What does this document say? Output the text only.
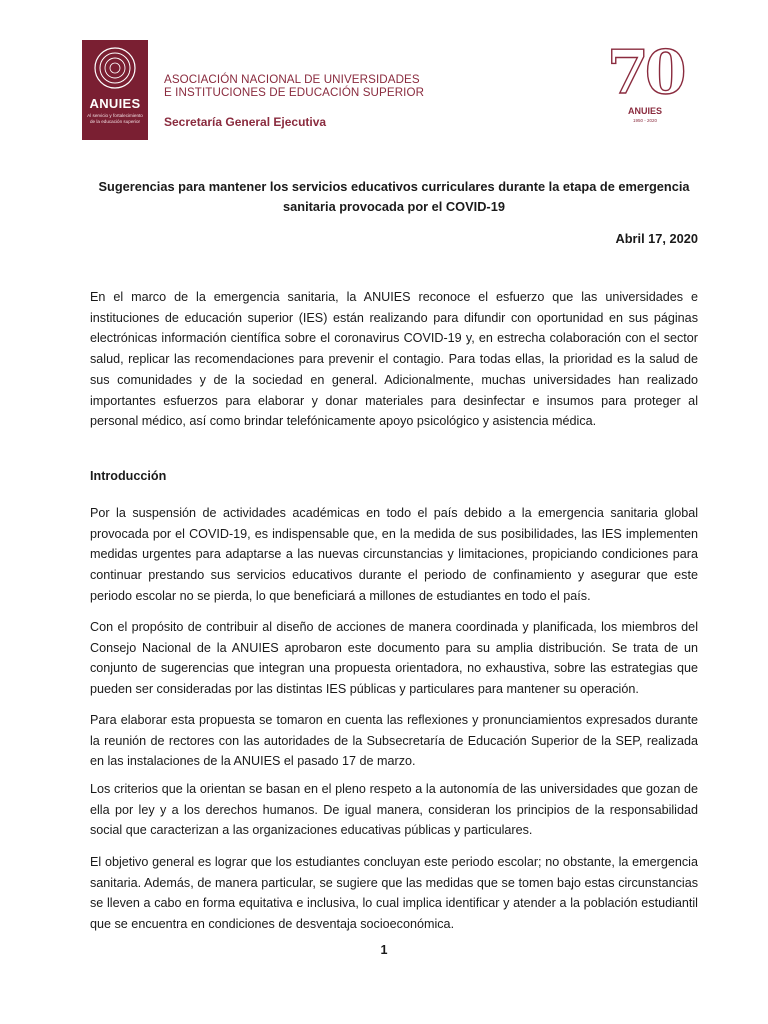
ANUIES
Al servicio y fortalecimiento de la educación superior
ASOCIACIÓN NACIONAL DE UNIVERSIDADES
E INSTITUCIONES DE EDUCACIÓN SUPERIOR
Secretaría General Ejecutiva
70
ANUIES
1950 - 2020
Sugerencias para mantener los servicios educativos curriculares durante la etapa de emergencia sanitaria provocada por el COVID-19
Abril 17, 2020

En el marco de la emergencia sanitaria, la ANUIES reconoce el esfuerzo que las universidades e instituciones de educación superior (IES) están realizando para difundir con oportunidad en sus páginas electrónicas información científica sobre el coronavirus COVID-19 y, en estrecha colaboración con el sector salud, replicar las recomendaciones para prevenir el contagio. Para todas ellas, la prioridad es la salud de sus comunidades y de la sociedad en general. Adicionalmente, muchas universidades han realizado importantes esfuerzos para elaborar y donar materiales para desinfectar e insumos para proteger al personal médico, así como brindar telefónicamente apoyo psicológico y asistencia médica.

Introducción

Por la suspensión de actividades académicas en todo el país debido a la emergencia sanitaria global provocada por el COVID-19, es indispensable que, en la medida de sus posibilidades, las IES implementen medidas urgentes para adaptarse a las nuevas circunstancias y limitaciones, propiciando condiciones para continuar prestando sus servicios educativos durante el periodo de confinamiento y asegurar que este periodo escolar no se pierda, lo que beneficiará a millones de estudiantes en todo el país.

Con el propósito de contribuir al diseño de acciones de manera coordinada y planificada, los miembros del Consejo Nacional de la ANUIES aprobaron este documento para su amplia distribución. Se trata de un conjunto de sugerencias que integran una propuesta orientadora, no exhaustiva, sobre las estrategias que pueden ser consideradas por las distintas IES públicas y particulares para mantener su operación.

Para elaborar esta propuesta se tomaron en cuenta las reflexiones y pronunciamientos expresados durante la reunión de rectores con las autoridades de la Subsecretaría de Educación Superior de la SEP, realizada en las instalaciones de la ANUIES el pasado 17 de marzo.

Los criterios que la orientan se basan en el pleno respeto a la autonomía de las universidades que gozan de ella por ley y a los derechos humanos. De igual manera, consideran los principios de la responsabilidad social que caracterizan a las organizaciones educativas públicas y particulares.

El objetivo general es lograr que los estudiantes concluyan este periodo escolar; no obstante, la emergencia sanitaria. Además, de manera particular, se sugiere que las medidas que se tomen bajo estas circunstancias se lleven a cabo en forma equitativa e inclusiva, lo cual implica identificar y atender a la población estudiantil que se encuentra en condiciones de desventaja socioeconómica.

1
